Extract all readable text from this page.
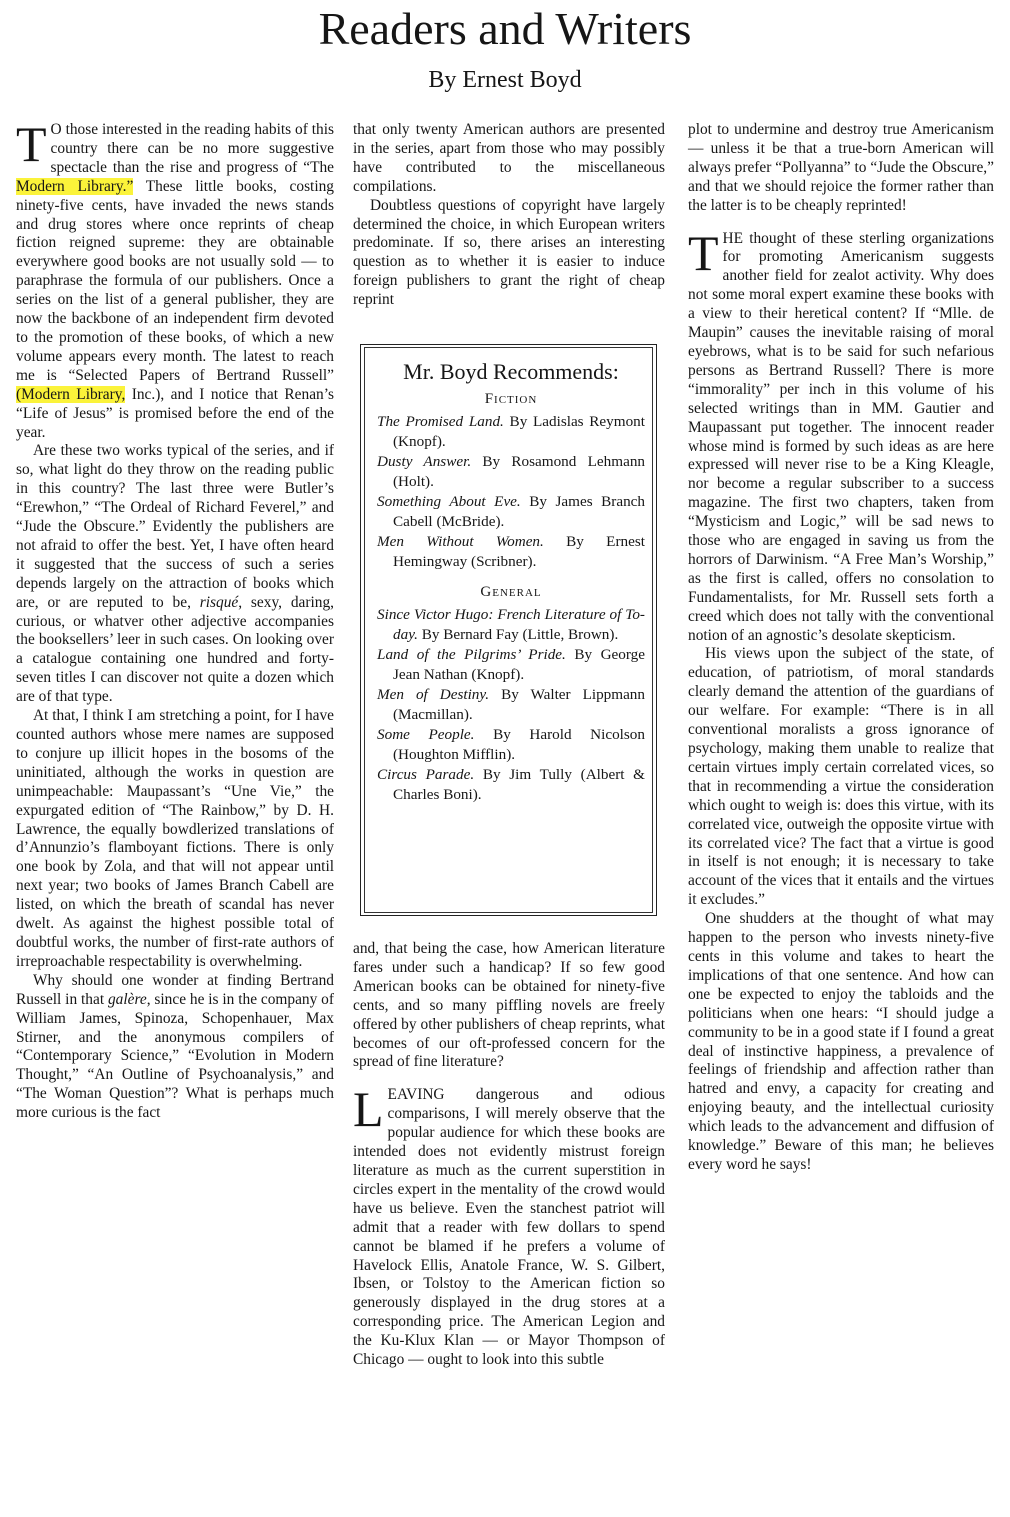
Readers and Writers
By Ernest Boyd

T O those interested in the reading habits of this country there can be no more suggestive spectacle than the rise and progress of “The Modern Library.” These little books, costing ninety-five cents, have invaded the news stands and drug stores where once reprints of cheap fiction reigned supreme: they are obtainable everywhere good books are not usually sold — to paraphrase the formula of our publishers. Once a series on the list of a general publisher, they are now the backbone of an independent firm devoted to the promotion of these books, of which a new volume appears every month. The latest to reach me is “Selected Papers of Bertrand Russell” (Modern Library, Inc.), and I notice that Renan’s “Life of Jesus” is promised before the end of the year.

Are these two works typical of the series, and if so, what light do they throw on the reading public in this country? The last three were Butler’s “Erewhon,” “The Ordeal of Richard Feverel,” and “Jude the Obscure.” Evidently the publishers are not afraid to offer the best. Yet, I have often heard it suggested that the success of such a series depends largely on the attraction of books which are, or are reputed to be, risqué, sexy, daring, curious, or whatver other adjective accompanies the booksellers’ leer in such cases. On looking over a catalogue containing one hundred and forty-seven titles I can discover not quite a dozen which are of that type.

At that, I think I am stretching a point, for I have counted authors whose mere names are supposed to conjure up illicit hopes in the bosoms of the uninitiated, although the works in question are unimpeachable: Maupassant’s “Une Vie,” the expurgated edition of “The Rainbow,” by D. H. Lawrence, the equally bowdlerized translations of d’Annunzio’s flamboyant fictions. There is only one book by Zola, and that will not appear until next year; two books of James Branch Cabell are listed, on which the breath of scandal has never dwelt. As against the highest possible total of doubtful works, the number of first-rate authors of irreproachable respectability is overwhelming.

Why should one wonder at finding Bertrand Russell in that galère, since he is in the company of William James, Spinoza, Schopenhauer, Max Stirner, and the anonymous compilers of “Contemporary Science,” “Evolution in Modern Thought,” “An Outline of Psychoanalysis,” and “The Woman Question”? What is perhaps much more curious is the fact

that only twenty American authors are presented in the series, apart from those who may possibly have contributed to the miscellaneous compilations.

Doubtless questions of copyright have largely determined the choice, in which European writers predominate. If so, there arises an interesting question as to whether it is easier to induce foreign publishers to grant the right of cheap reprint

Mr. Boyd Recommends:
Fiction

The Promised Land. By Ladislas Reymont (Knopf).

Dusty Answer. By Rosamond Lehmann (Holt).

Something About Eve. By James Branch Cabell (McBride).

Men Without Women. By Ernest Hemingway (Scribner).

General

Since Victor Hugo: French Literature of To-day. By Bernard Fay (Little, Brown).

Land of the Pilgrims’ Pride. By George Jean Nathan (Knopf).

Men of Destiny. By Walter Lippmann (Macmillan).

Some People. By Harold Nicolson (Houghton Mifflin).

Circus Parade. By Jim Tully (Albert & Charles Boni).

and, that being the case, how American literature fares under such a handicap? If so few good American books can be obtained for ninety-five cents, and so many piffling novels are freely offered by other publishers of cheap reprints, what becomes of our oft-professed concern for the spread of fine literature?

LEAVING dangerous and odious comparisons, I will merely observe that the popular audience for which these books are intended does not evidently mistrust foreign literature as much as the current superstition in circles expert in the mentality of the crowd would have us believe. Even the stanchest patriot will admit that a reader with few dollars to spend cannot be blamed if he prefers a volume of Havelock Ellis, Anatole France, W. S. Gilbert, Ibsen, or Tolstoy to the American fiction so generously displayed in the drug stores at a corresponding price. The American Legion and the Ku-Klux Klan — or Mayor Thompson of Chicago — ought to look into this subtle

plot to undermine and destroy true Americanism — unless it be that a true-born American will always prefer “Pollyanna” to “Jude the Obscure,” and that we should rejoice the former rather than the latter is to be cheaply reprinted!

THE thought of these sterling organizations for promoting Americanism suggests another field for zealot activity. Why does not some moral expert examine these books with a view to their heretical content? If “Mlle. de Maupin” causes the inevitable raising of moral eyebrows, what is to be said for such nefarious persons as Bertrand Russell? There is more “immorality” per inch in this volume of his selected writings than in MM. Gautier and Maupassant put together. The innocent reader whose mind is formed by such ideas as are here expressed will never rise to be a King Kleagle, nor become a regular subscriber to a success magazine. The first two chapters, taken from “Mysticism and Logic,” will be sad news to those who are engaged in saving us from the horrors of Darwinism. “A Free Man’s Worship,” as the first is called, offers no consolation to Fundamentalists, for Mr. Russell sets forth a creed which does not tally with the conventional notion of an agnostic’s desolate skepticism.

His views upon the subject of the state, of education, of patriotism, of moral standards clearly demand the attention of the guardians of our welfare. For example: “There is in all conventional moralists a gross ignorance of psychology, making them unable to realize that certain virtues imply certain correlated vices, so that in recommending a virtue the consideration which ought to weigh is: does this virtue, with its correlated vice, outweigh the opposite virtue with its correlated vice? The fact that a virtue is good in itself is not enough; it is necessary to take account of the vices that it entails and the virtues it excludes.”

One shudders at the thought of what may happen to the person who invests ninety-five cents in this volume and takes to heart the implications of that one sentence. And how can one be expected to enjoy the tabloids and the politicians when one hears: “I should judge a community to be in a good state if I found a great deal of instinctive happiness, a prevalence of feelings of friendship and affection rather than hatred and envy, a capacity for creating and enjoying beauty, and the intellectual curiosity which leads to the advancement and diffusion of knowledge.” Beware of this man; he believes every word he says!
